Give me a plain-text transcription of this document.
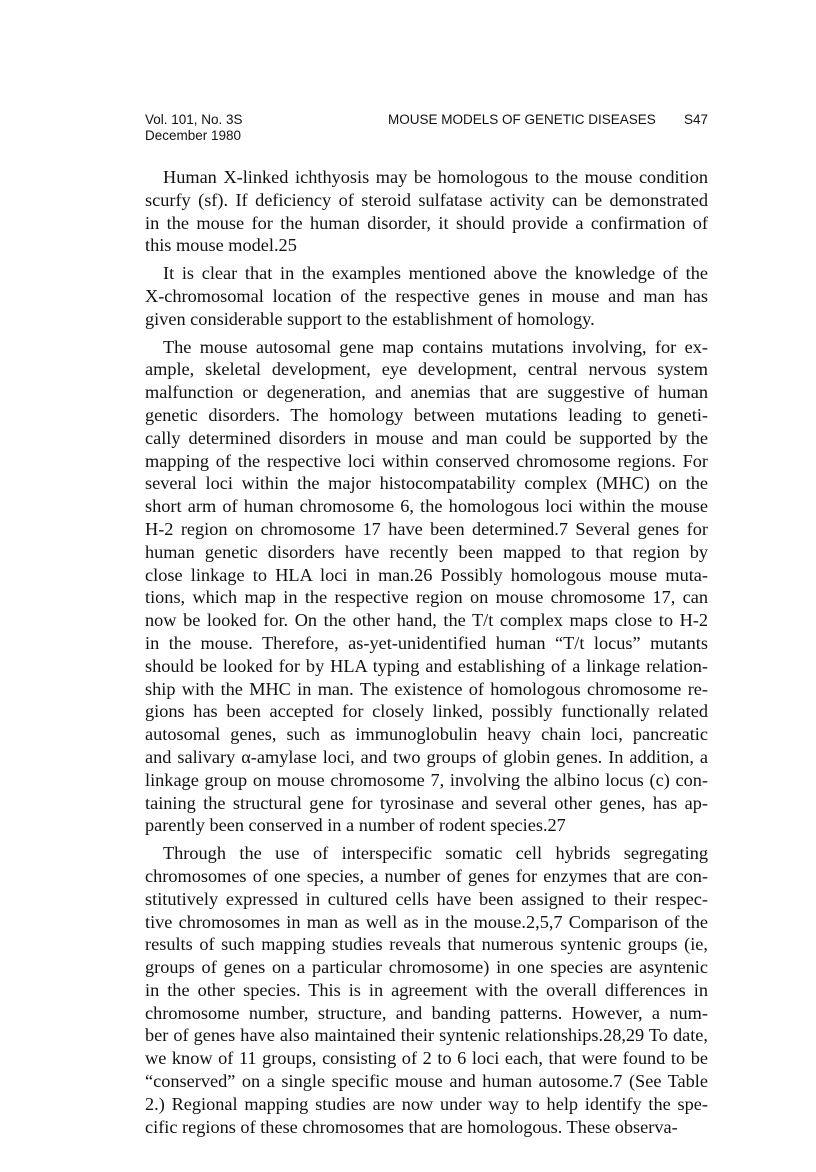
Vol. 101, No. 3S
December 1980
MOUSE MODELS OF GENETIC DISEASES S47
Human X-linked ichthyosis may be homologous to the mouse condition
scurfy (sf). If deficiency of steroid sulfatase activity can be demonstrated
in the mouse for the human disorder, it should provide a confirmation of
this mouse model.25
It is clear that in the examples mentioned above the knowledge of the
X-chromosomal location of the respective genes in mouse and man has
given considerable support to the establishment of homology.
The mouse autosomal gene map contains mutations involving, for ex-
ample, skeletal development, eye development, central nervous system
malfunction or degeneration, and anemias that are suggestive of human
genetic disorders. The homology between mutations leading to geneti-
cally determined disorders in mouse and man could be supported by the
mapping of the respective loci within conserved chromosome regions. For
several loci within the major histocompatability complex (MHC) on the
short arm of human chromosome 6, the homologous loci within the mouse
H-2 region on chromosome 17 have been determined.7 Several genes for
human genetic disorders have recently been mapped to that region by
close linkage to HLA loci in man.26 Possibly homologous mouse muta-
tions, which map in the respective region on mouse chromosome 17, can
now be looked for. On the other hand, the T/t complex maps close to H-2
in the mouse. Therefore, as-yet-unidentified human “T/t locus” mutants
should be looked for by HLA typing and establishing of a linkage relation-
ship with the MHC in man. The existence of homologous chromosome re-
gions has been accepted for closely linked, possibly functionally related
autosomal genes, such as immunoglobulin heavy chain loci, pancreatic
and salivary α-amylase loci, and two groups of globin genes. In addition, a
linkage group on mouse chromosome 7, involving the albino locus (c) con-
taining the structural gene for tyrosinase and several other genes, has ap-
parently been conserved in a number of rodent species.27
Through the use of interspecific somatic cell hybrids segregating
chromosomes of one species, a number of genes for enzymes that are con-
stitutively expressed in cultured cells have been assigned to their respec-
tive chromosomes in man as well as in the mouse.2,5,7 Comparison of the
results of such mapping studies reveals that numerous syntenic groups (ie,
groups of genes on a particular chromosome) in one species are asyntenic
in the other species. This is in agreement with the overall differences in
chromosome number, structure, and banding patterns. However, a num-
ber of genes have also maintained their syntenic relationships.28,29 To date,
we know of 11 groups, consisting of 2 to 6 loci each, that were found to be
“conserved” on a single specific mouse and human autosome.7 (See Table
2.) Regional mapping studies are now under way to help identify the spe-
cific regions of these chromosomes that are homologous. These observa-
